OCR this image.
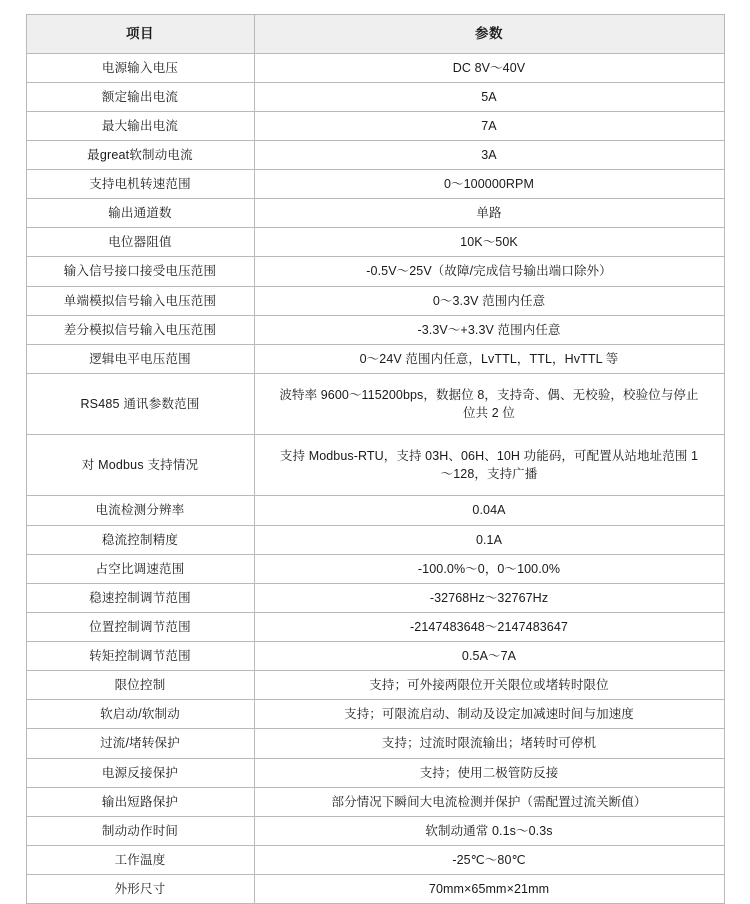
项目	参数
电源输入电压	DC 8V～40V

额定输出电流	5A

最大输出电流	7A

最great软制动电流	3A

支持电机转速范围	0～100000RPM

输出通道数	单路

电位器阻值	10K～50K

输入信号接口接受电压范围	-0.5V～25V（故障/完成信号输出端口除外）

单端模拟信号输入电压范围	0～3.3V 范围内任意

差分模拟信号输入电压范围	-3.3V～+3.3V 范围内任意

逻辑电平电压范围	0～24V 范围内任意，LvTTL，TTL，HvTTL 等

RS485 通讯参数范围	波特率 9600～115200bps，数据位 8，支持奇、偶、无校验，校验位与停止位共 2 位

对 Modbus 支持情况	支持 Modbus-RTU，支持 03H、06H、10H 功能码，可配置从站地址范围 1～128，支持广播

电流检测分辨率	0.04A

稳流控制精度	0.1A

占空比调速范围	-100.0%～0，0～100.0%

稳速控制调节范围	-32768Hz～32767Hz

位置控制调节范围	-2147483648～2147483647

转矩控制调节范围	0.5A～7A

限位控制	支持；可外接两限位开关限位或堵转时限位

软启动/软制动	支持；可限流启动、制动及设定加减速时间与加速度

过流/堵转保护	支持；过流时限流输出；堵转时可停机

电源反接保护	支持；使用二极管防反接

输出短路保护	部分情况下瞬间大电流检测并保护（需配置过流关断值）

制动动作时间	软制动通常 0.1s～0.3s

工作温度	-25℃～80℃

外形尺寸	70mm×65mm×21mm
